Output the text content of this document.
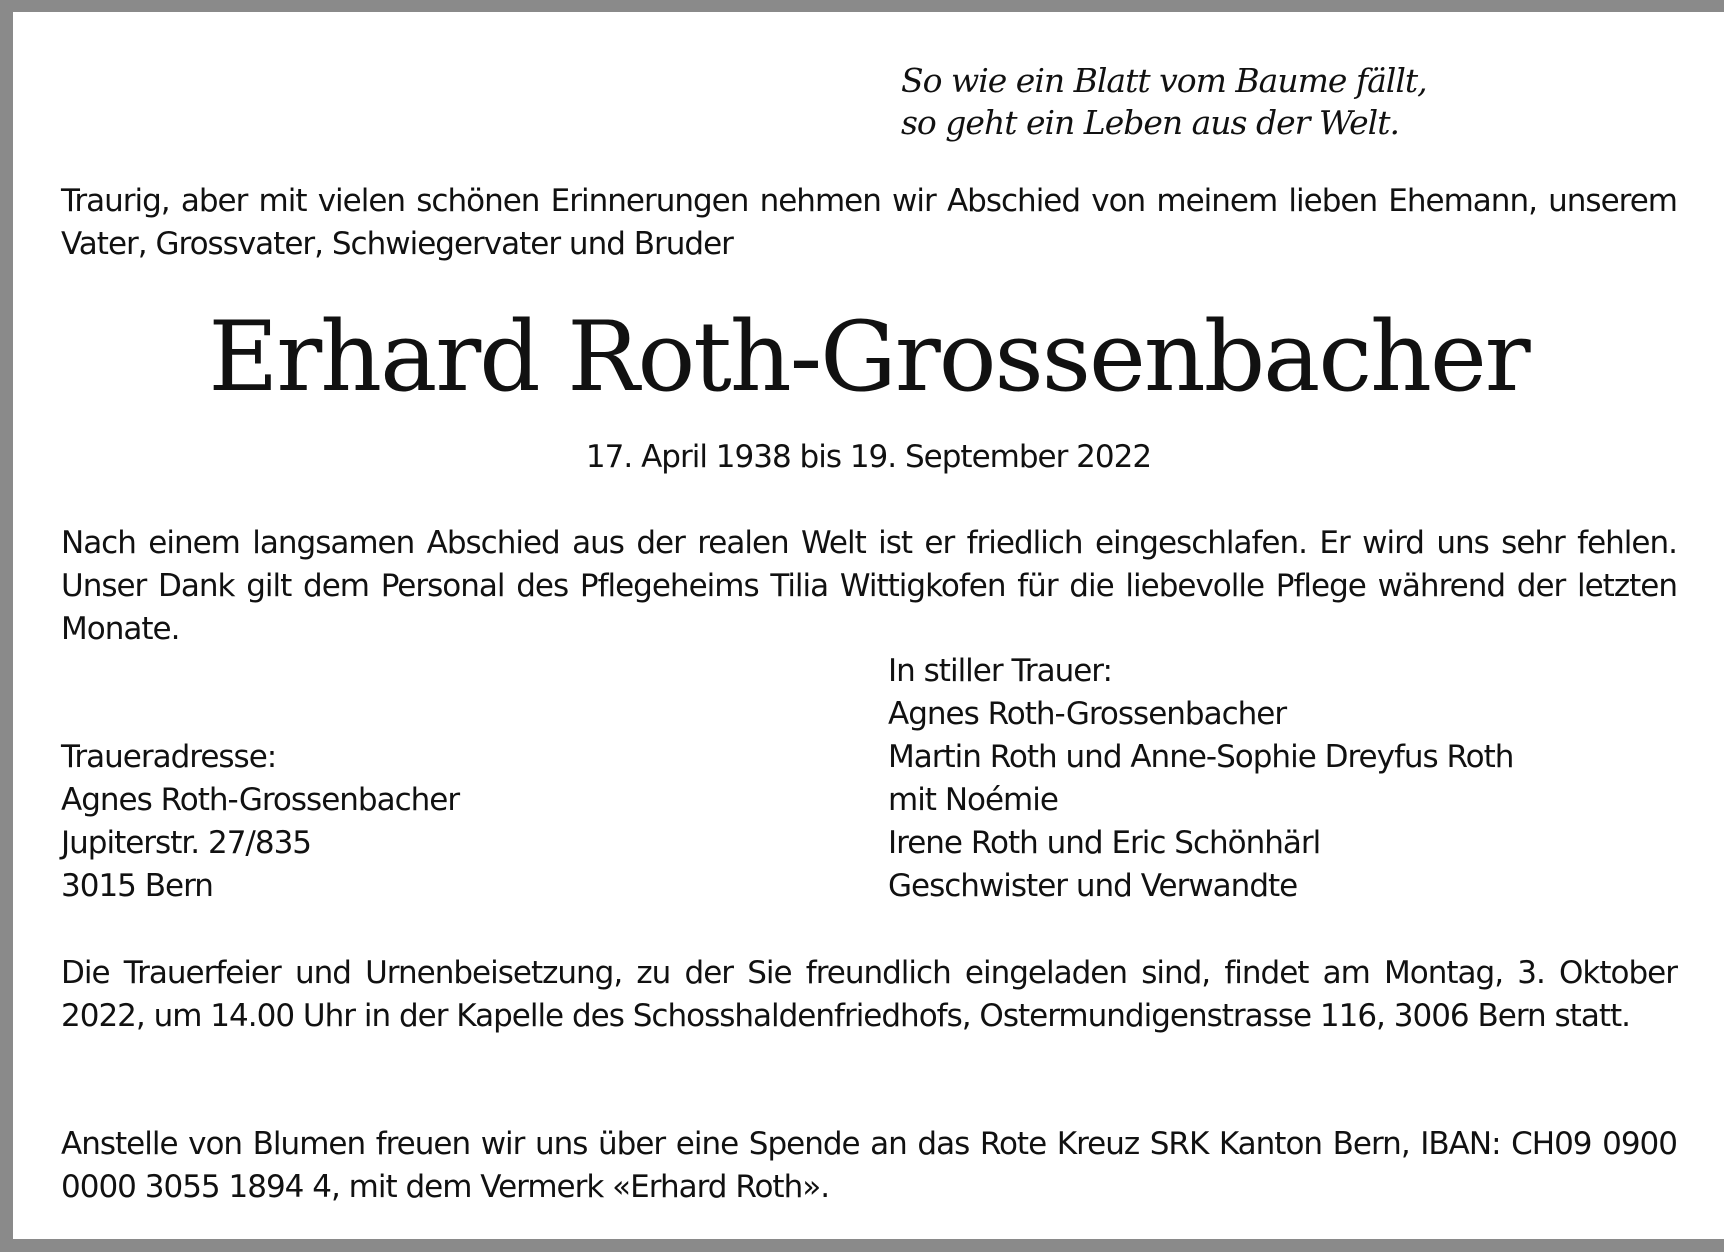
So wie ein Blatt vom Baume fällt,
so geht ein Leben aus der Welt.
Traurig, aber mit vielen schönen Erinnerungen nehmen wir Abschied von meinem lieben Ehemann, unserem Vater, Grossvater, Schwiegervater und Bruder
Erhard Roth-Grossenbacher
17. April 1938 bis 19. September 2022
Nach einem langsamen Abschied aus der realen Welt ist er friedlich eingeschlafen. Er wird uns sehr fehlen. Unser Dank gilt dem Personal des Pflegeheims Tilia Wittigkofen für die liebevolle Pflege während der letzten Monate.
Traueradresse:
Agnes Roth-Grossenbacher
Jupiterstr. 27/835
3015 Bern
In stiller Trauer:
Agnes Roth-Grossenbacher
Martin Roth und Anne-Sophie Dreyfus Roth
mit Noémie
Irene Roth und Eric Schönhärl
Geschwister und Verwandte
Die Trauerfeier und Urnenbeisetzung, zu der Sie freundlich eingeladen sind, findet am Montag, 3. Oktober 2022, um 14.00 Uhr in der Kapelle des Schosshaldenfriedhofs, Ostermundigenstrasse 116, 3006 Bern statt.
Anstelle von Blumen freuen wir uns über eine Spende an das Rote Kreuz SRK Kanton Bern, IBAN: CH09 0900 0000 3055 1894 4, mit dem Vermerk «Erhard Roth».
